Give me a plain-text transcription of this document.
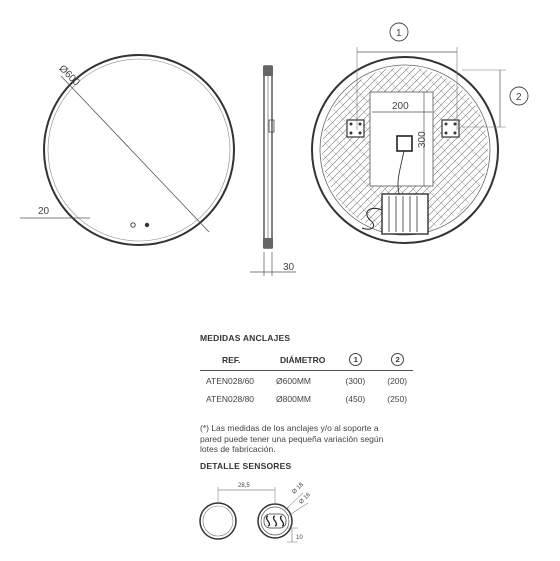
Ø600
20
30
200
300
1
2
28,5	Ø 18
Ø 16
10
MEDIDAS ANCLAJES
REF.	DIÁMETRO	1	2
ATEN028/60	Ø600MM	(300)	(200)
ATEN028/80	Ø800MM	(450)	(250)
(*) Las medidas de los anclajes y/o al soporte a pared puede tener una pequeña variación según lotes de fabricación.
DETALLE SENSORES
